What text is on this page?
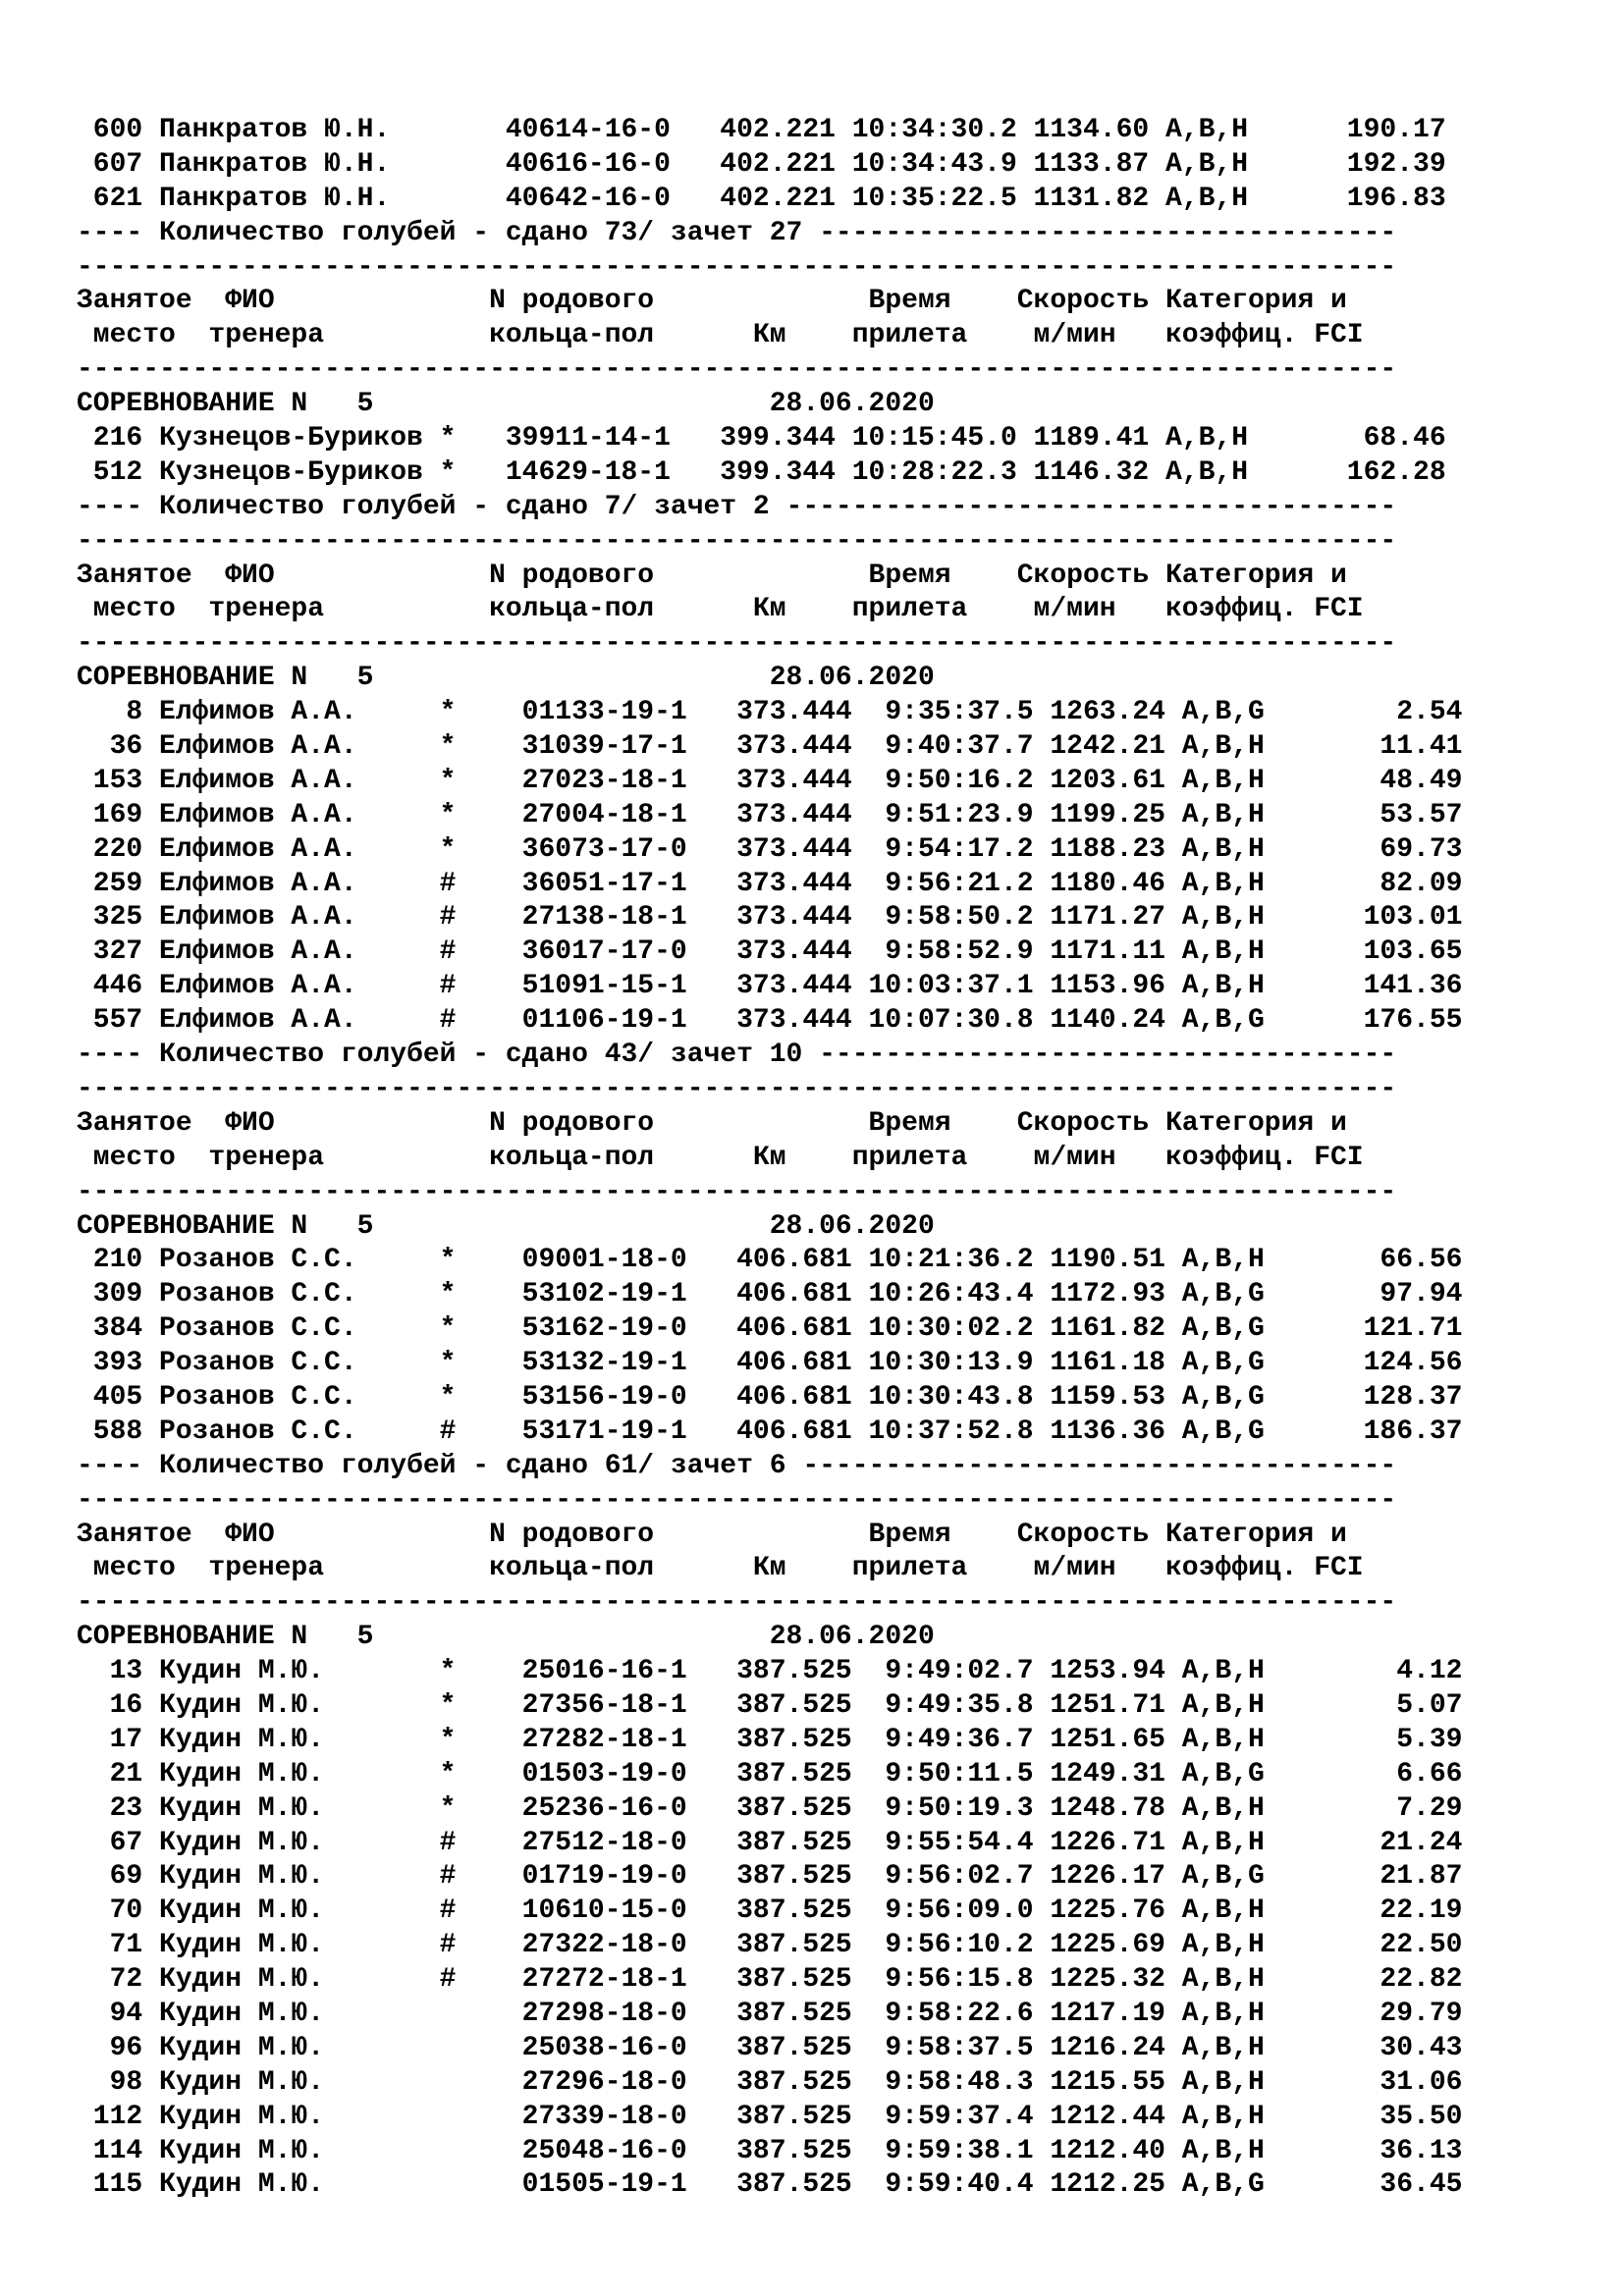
600 Панкратов Ю.Н.       40614-16-0   402.221 10:34:30.2 1134.60 A,B,H      190.17
607 Панкратов Ю.Н.       40616-16-0   402.221 10:34:43.9 1133.87 A,B,H      192.39
621 Панкратов Ю.Н.       40642-16-0   402.221 10:35:22.5 1131.82 A,B,H      196.83
---- Количество голубей - сдано 73/ зачет 27 -----------------------------------
--------------------------------------------------------------------------------
Занятое  ФИО             N родового             Время    Скорость Категория и
место  тренера          кольца-пол      Км    прилета    м/мин   коэффиц. FCI
--------------------------------------------------------------------------------
СОРЕВНОВАНИЕ N   5                        28.06.2020
216 Кузнецов-Буриков *   39911-14-1   399.344 10:15:45.0 1189.41 A,B,H       68.46
512 Кузнецов-Буриков *   14629-18-1   399.344 10:28:22.3 1146.32 A,B,H      162.28
---- Количество голубей - сдано 7/ зачет 2 -------------------------------------
--------------------------------------------------------------------------------
Занятое  ФИО             N родового             Время    Скорость Категория и
место  тренера          кольца-пол      Км    прилета    м/мин   коэффиц. FCI
--------------------------------------------------------------------------------
СОРЕВНОВАНИЕ N   5                        28.06.2020
8 Елфимов А.А.     *    01133-19-1   373.444  9:35:37.5 1263.24 A,B,G        2.54
36 Елфимов А.А.     *    31039-17-1   373.444  9:40:37.7 1242.21 A,B,H       11.41
153 Елфимов А.А.     *    27023-18-1   373.444  9:50:16.2 1203.61 A,B,H       48.49
169 Елфимов А.А.     *    27004-18-1   373.444  9:51:23.9 1199.25 A,B,H       53.57
220 Елфимов А.А.     *    36073-17-0   373.444  9:54:17.2 1188.23 A,B,H       69.73
259 Елфимов А.А.     #    36051-17-1   373.444  9:56:21.2 1180.46 A,B,H       82.09
325 Елфимов А.А.     #    27138-18-1   373.444  9:58:50.2 1171.27 A,B,H      103.01
327 Елфимов А.А.     #    36017-17-0   373.444  9:58:52.9 1171.11 A,B,H      103.65
446 Елфимов А.А.     #    51091-15-1   373.444 10:03:37.1 1153.96 A,B,H      141.36
557 Елфимов А.А.     #    01106-19-1   373.444 10:07:30.8 1140.24 A,B,G      176.55
---- Количество голубей - сдано 43/ зачет 10 -----------------------------------
--------------------------------------------------------------------------------
Занятое  ФИО             N родового             Время    Скорость Категория и
место  тренера          кольца-пол      Км    прилета    м/мин   коэффиц. FCI
--------------------------------------------------------------------------------
СОРЕВНОВАНИЕ N   5                        28.06.2020
210 Розанов С.С.     *    09001-18-0   406.681 10:21:36.2 1190.51 A,B,H       66.56
309 Розанов С.С.     *    53102-19-1   406.681 10:26:43.4 1172.93 A,B,G       97.94
384 Розанов С.С.     *    53162-19-0   406.681 10:30:02.2 1161.82 A,B,G      121.71
393 Розанов С.С.     *    53132-19-1   406.681 10:30:13.9 1161.18 A,B,G      124.56
405 Розанов С.С.     *    53156-19-0   406.681 10:30:43.8 1159.53 A,B,G      128.37
588 Розанов С.С.     #    53171-19-1   406.681 10:37:52.8 1136.36 A,B,G      186.37
---- Количество голубей - сдано 61/ зачет 6 ------------------------------------
--------------------------------------------------------------------------------
Занятое  ФИО             N родового             Время    Скорость Категория и
место  тренера          кольца-пол      Км    прилета    м/мин   коэффиц. FCI
--------------------------------------------------------------------------------
СОРЕВНОВАНИЕ N   5                        28.06.2020
13 Кудин М.Ю.       *    25016-16-1   387.525  9:49:02.7 1253.94 A,B,H        4.12
16 Кудин М.Ю.       *    27356-18-1   387.525  9:49:35.8 1251.71 A,B,H        5.07
17 Кудин М.Ю.       *    27282-18-1   387.525  9:49:36.7 1251.65 A,B,H        5.39
21 Кудин М.Ю.       *    01503-19-0   387.525  9:50:11.5 1249.31 A,B,G        6.66
23 Кудин М.Ю.       *    25236-16-0   387.525  9:50:19.3 1248.78 A,B,H        7.29
67 Кудин М.Ю.       #    27512-18-0   387.525  9:55:54.4 1226.71 A,B,H       21.24
69 Кудин М.Ю.       #    01719-19-0   387.525  9:56:02.7 1226.17 A,B,G       21.87
70 Кудин М.Ю.       #    10610-15-0   387.525  9:56:09.0 1225.76 A,B,H       22.19
71 Кудин М.Ю.       #    27322-18-0   387.525  9:56:10.2 1225.69 A,B,H       22.50
72 Кудин М.Ю.       #    27272-18-1   387.525  9:56:15.8 1225.32 A,B,H       22.82
94 Кудин М.Ю.            27298-18-0   387.525  9:58:22.6 1217.19 A,B,H       29.79
96 Кудин М.Ю.            25038-16-0   387.525  9:58:37.5 1216.24 A,B,H       30.43
98 Кудин М.Ю.            27296-18-0   387.525  9:58:48.3 1215.55 A,B,H       31.06
112 Кудин М.Ю.            27339-18-0   387.525  9:59:37.4 1212.44 A,B,H       35.50
114 Кудин М.Ю.            25048-16-0   387.525  9:59:38.1 1212.40 A,B,H       36.13
115 Кудин М.Ю.            01505-19-1   387.525  9:59:40.4 1212.25 A,B,G       36.45
